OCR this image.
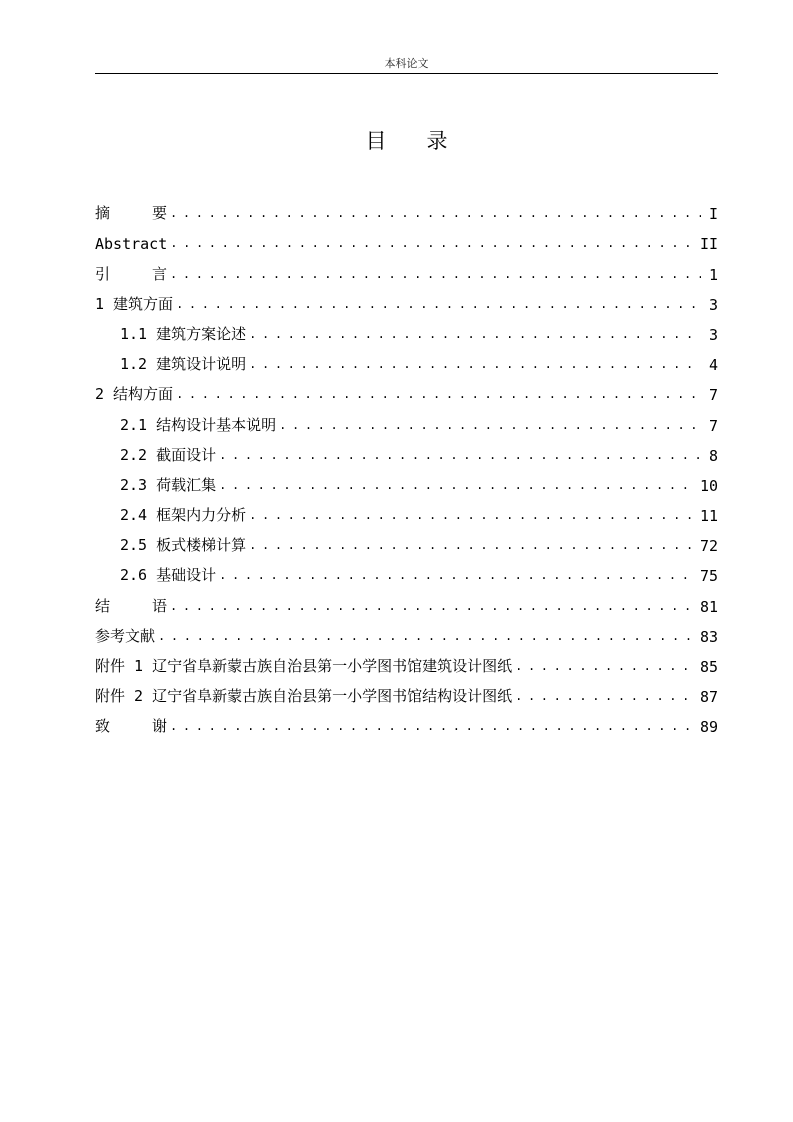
本科论文
目 录
摘	要 . . .	I
Abstract . . .	II
引	言 . . .	1
1 建筑方面 . . .	3
1.1 建筑方案论述 . . .	3
1.2 建筑设计说明 . . .	4
2 结构方面 . . .	7
2.1 结构设计基本说明 . . .	7
2.2 截面设计 . . .	8
2.3 荷载汇集 . . .	10
2.4 框架内力分析 . . .	11
2.5 板式楼梯计算 . . .	72
2.6 基础设计 . . .	75
结	语 . . .	81
参考文献 . . .	83
附件 1 辽宁省阜新蒙古族自治县第一小学图书馆建筑设计图纸 . . .	85
附件 2 辽宁省阜新蒙古族自治县第一小学图书馆结构设计图纸 . . .	87
致	谢 . . .	89
